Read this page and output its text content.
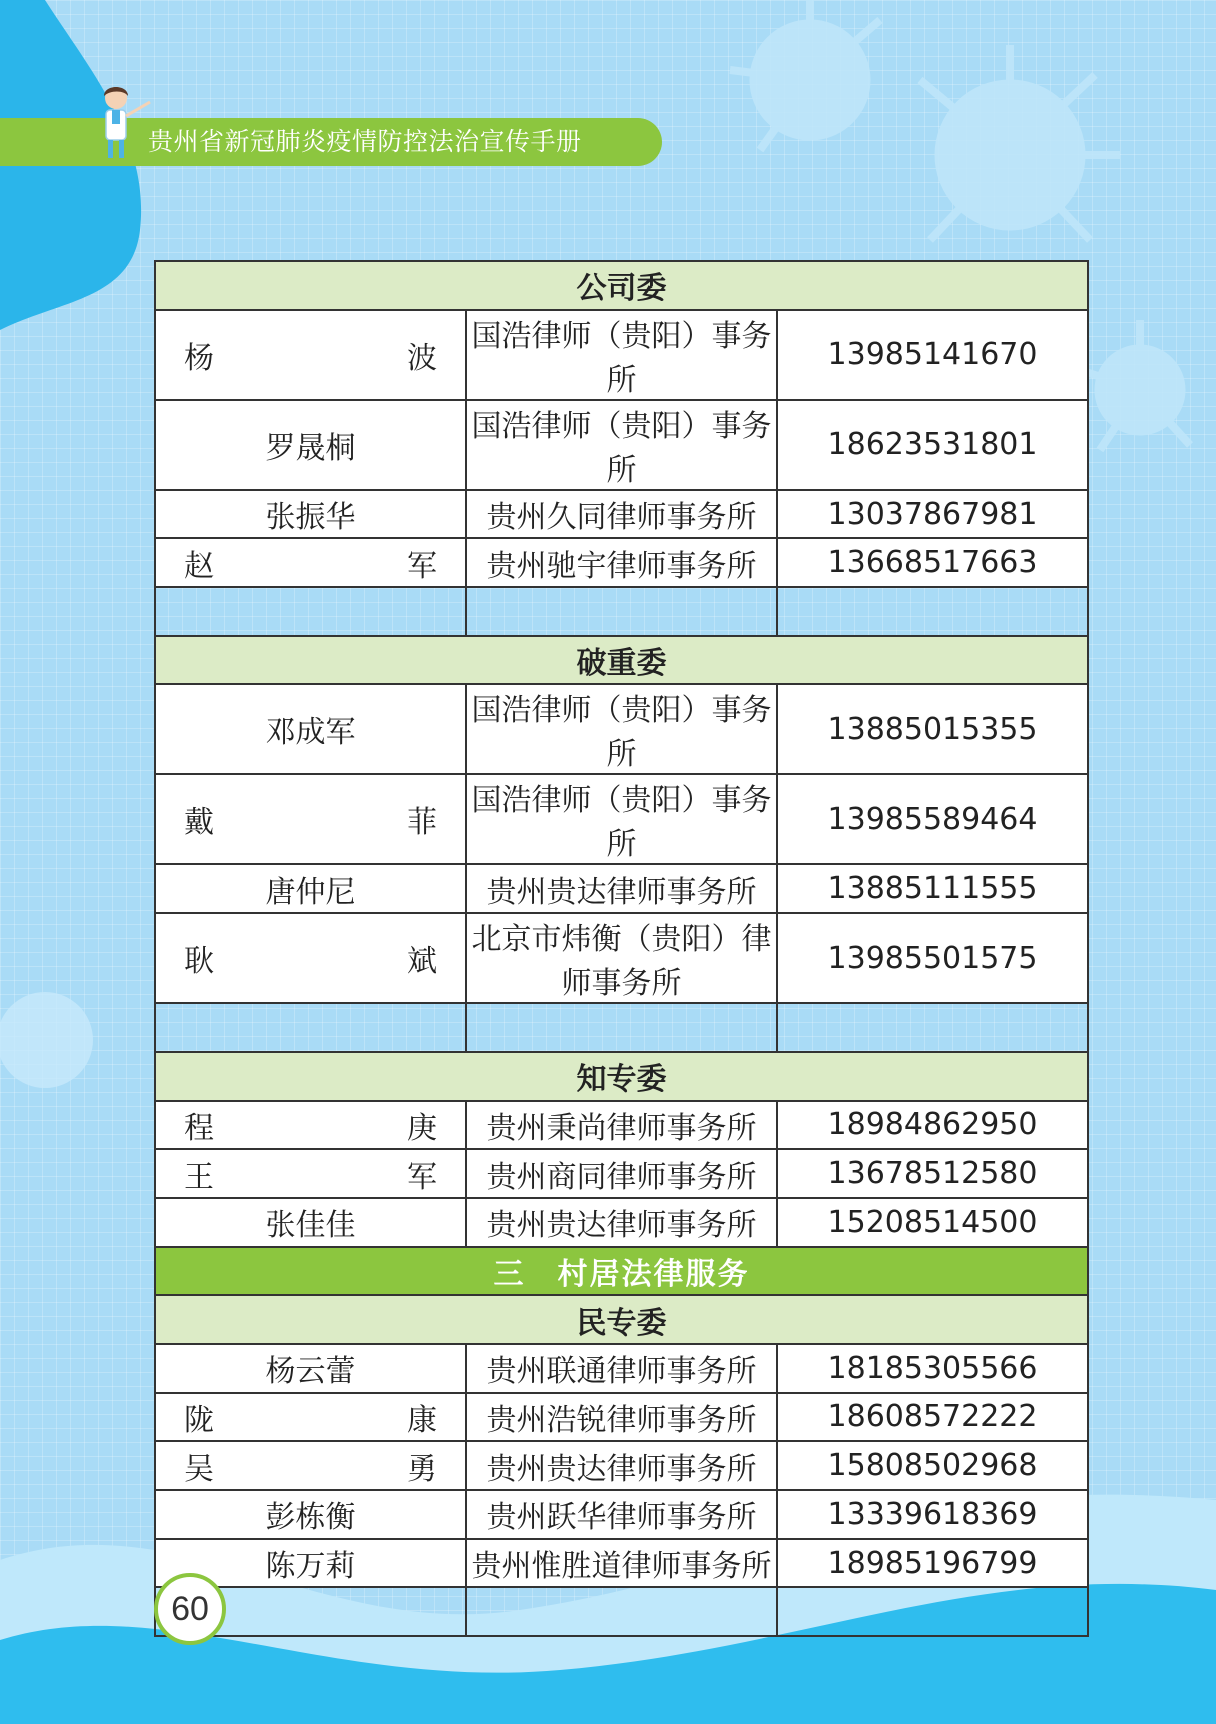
贵州省新冠肺炎疫情防控法治宣传手册
公司委		
杨　波	国浩律师（贵阳）事务所	13985141670
罗晟桐	国浩律师（贵阳）事务所	18623531801
张振华	贵州久同律师事务所	13037867981
赵　军	贵州驰宇律师事务所	13668517663

破重委		
邓成军	国浩律师（贵阳）事务所	13885015355
戴　菲	国浩律师（贵阳）事务所	13985589464
唐仲尼	贵州贵达律师事务所	13885111555
耿　斌	北京市炜衡（贵阳）律师事务所	13985501575

知专委		
程　庚	贵州秉尚律师事务所	18984862950
王　军	贵州商同律师事务所	13678512580
张佳佳	贵州贵达律师事务所	15208514500
三　村居法律服务		
民专委		
杨云蕾	贵州联通律师事务所	18185305566
陇　康	贵州浩锐律师事务所	18608572222
吴　勇	贵州贵达律师事务所	15808502968
彭栋衡	贵州跃华律师事务所	13339618369
陈万莉	贵州惟胜道律师事务所	18985196799

60
